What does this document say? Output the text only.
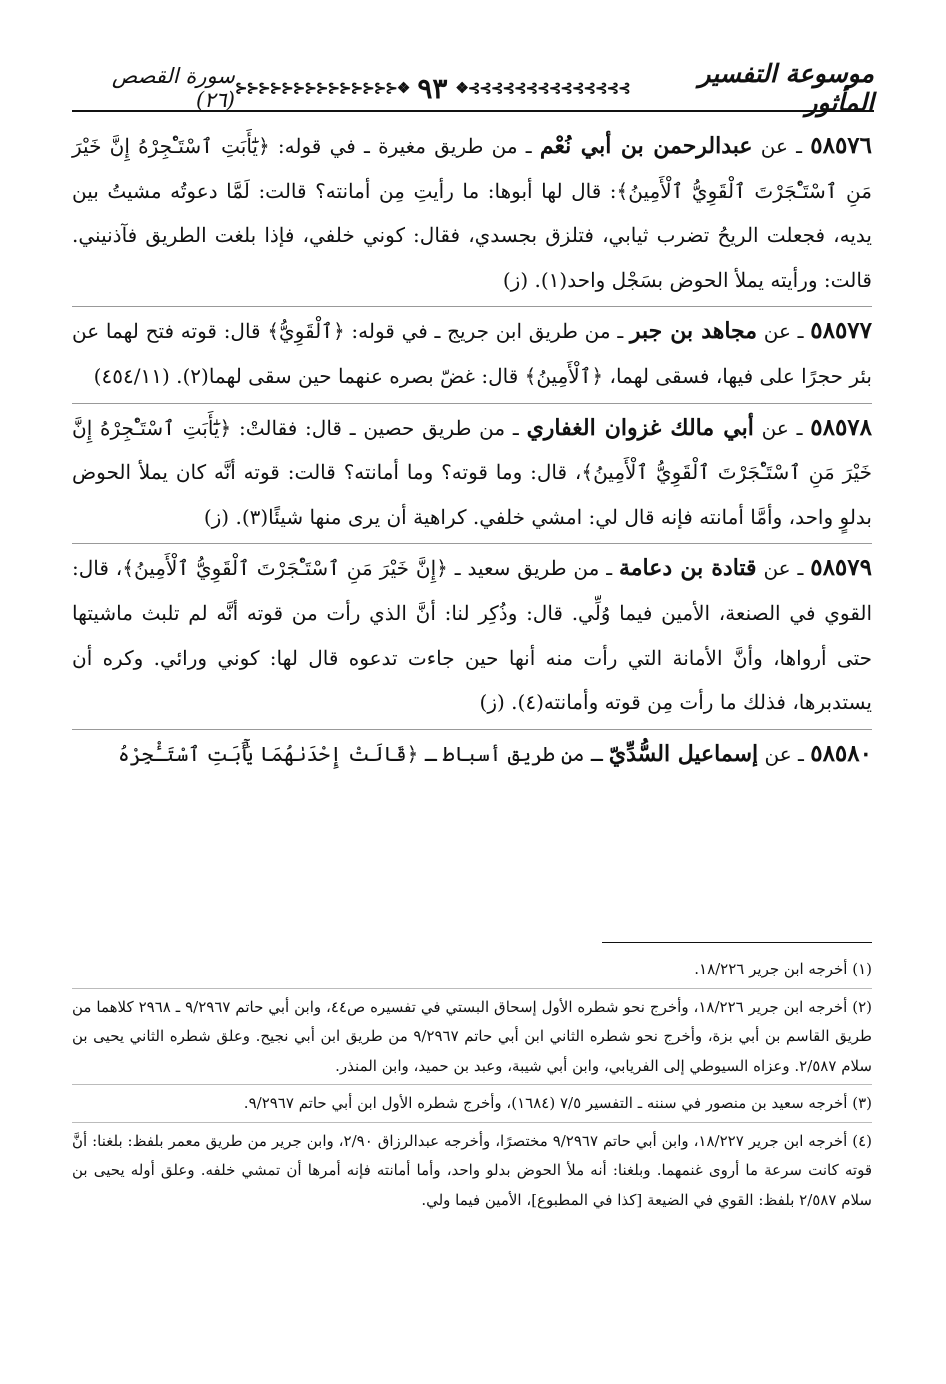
موسوعة التفسير المأثور
⊱⊱⊱⊱⊱⊱⊱⊱⊱⊱⊱⊱⊱⊱❖
٩٣
❖⊰⊰⊰⊰⊰⊰⊰⊰⊰⊰⊰⊰⊰⊰
سورة القصص (٢٦)

٥٨٥٧٦ ـ عن عبدالرحمن بن أبي نُعْم ـ من طريق مغيرة ـ في قوله: ﴿يَٰٓأَبَتِ ٱسْتَـْٔجِرْهُ إِنَّ خَيْرَ مَنِ ٱسْتَـْٔجَرْتَ ٱلْقَوِيُّ ٱلْأَمِينُ﴾: قال لها أبوها: ما رأيتِ مِن أمانته؟ قالت: لَمَّا دعوتُه مشيتُ بين يديه، فجعلت الريحُ تضرب ثيابي، فتلزق بجسدي، فقال: كوني خلفي، فإذا بلغت الطريق فآذنيني. قالت: ورأيته يملأ الحوض بسَجْل واحد(١). (ز)

٥٨٥٧٧ ـ عن مجاهد بن جبر ـ من طريق ابن جريج ـ في قوله: ﴿ٱلْقَوِيُّ﴾ قال: قوته فتح لهما عن بئر حجرًا على فيها، فسقى لهما، ﴿ٱلْأَمِينُ﴾ قال: غضّ بصره عنهما حين سقى لهما(٢). (٤٥٤/١١)

٥٨٥٧٨ ـ عن أبي مالك غزوان الغفاري ـ من طريق حصين ـ قال: فقالتْ: ﴿يَٰٓأَبَتِ ٱسْتَـْٔجِرْهُ إِنَّ خَيْرَ مَنِ ٱسْتَـْٔجَرْتَ ٱلْقَوِيُّ ٱلْأَمِينُ﴾، قال: وما قوته؟ وما أمانته؟ قالت: قوته أنَّه كان يملأ الحوض بدلوٍ واحد، وأمَّا أمانته فإنه قال لي: امشي خلفي. كراهية أن يرى منها شيئًا(٣). (ز)

٥٨٥٧٩ ـ عن قتادة بن دعامة ـ من طريق سعيد ـ ﴿إِنَّ خَيْرَ مَنِ ٱسْتَـْٔجَرْتَ ٱلْقَوِيُّ ٱلْأَمِينُ﴾، قال: القوي في الصنعة، الأمين فيما وُلِّي. قال: وذُكِر لنا: أنَّ الذي رأت من قوته أنَّه لم تلبث ماشيتها حتى أرواها، وأنَّ الأمانة التي رأت منه أنها حين جاءت تدعوه قال لها: كوني ورائي. وكره أن يستدبرها، فذلك ما رأت مِن قوته وأمانته(٤). (ز)

٥٨٥٨٠ ـ عن إسماعيل السُّدِّيّ ـ من طريق أسباط ـ ﴿قَالَتْ إِحْدَىٰهُمَا يَٰٓأَبَتِ ٱسْتَـْٔجِرْهُ

(١) أخرجه ابن جرير ١٨/٢٢٦.

(٢) أخرجه ابن جرير ١٨/٢٢٦، وأخرج نحو شطره الأول إسحاق البستي في تفسيره ص٤٤، وابن أبي حاتم ٩/٢٩٦٧ ـ ٢٩٦٨ كلاهما من طريق القاسم بن أبي بزة، وأخرج نحو شطره الثاني ابن أبي حاتم ٩/٢٩٦٧ من طريق ابن أبي نجيح. وعلق شطره الثاني يحيى بن سلام ٢/٥٨٧. وعزاه السيوطي إلى الفريابي، وابن أبي شيبة، وعبد بن حميد، وابن المنذر.

(٣) أخرجه سعيد بن منصور في سننه ـ التفسير ٧/٥ (١٦٨٤)، وأخرج شطره الأول ابن أبي حاتم ٩/٢٩٦٧.

(٤) أخرجه ابن جرير ١٨/٢٢٧، وابن أبي حاتم ٩/٢٩٦٧ مختصرًا، وأخرجه عبدالرزاق ٢/٩٠، وابن جرير من طريق معمر بلفظ: بلغنا: أنَّ قوته كانت سرعة ما أروى غنمهما. وبلغنا: أنه ملأ الحوض بدلو واحد، وأما أمانته فإنه أمرها أن تمشي خلفه. وعلق أوله يحيى بن سلام ٢/٥٨٧ بلفظ: القوي في الضيعة [كذا في المطبوع]، الأمين فيما ولي.
